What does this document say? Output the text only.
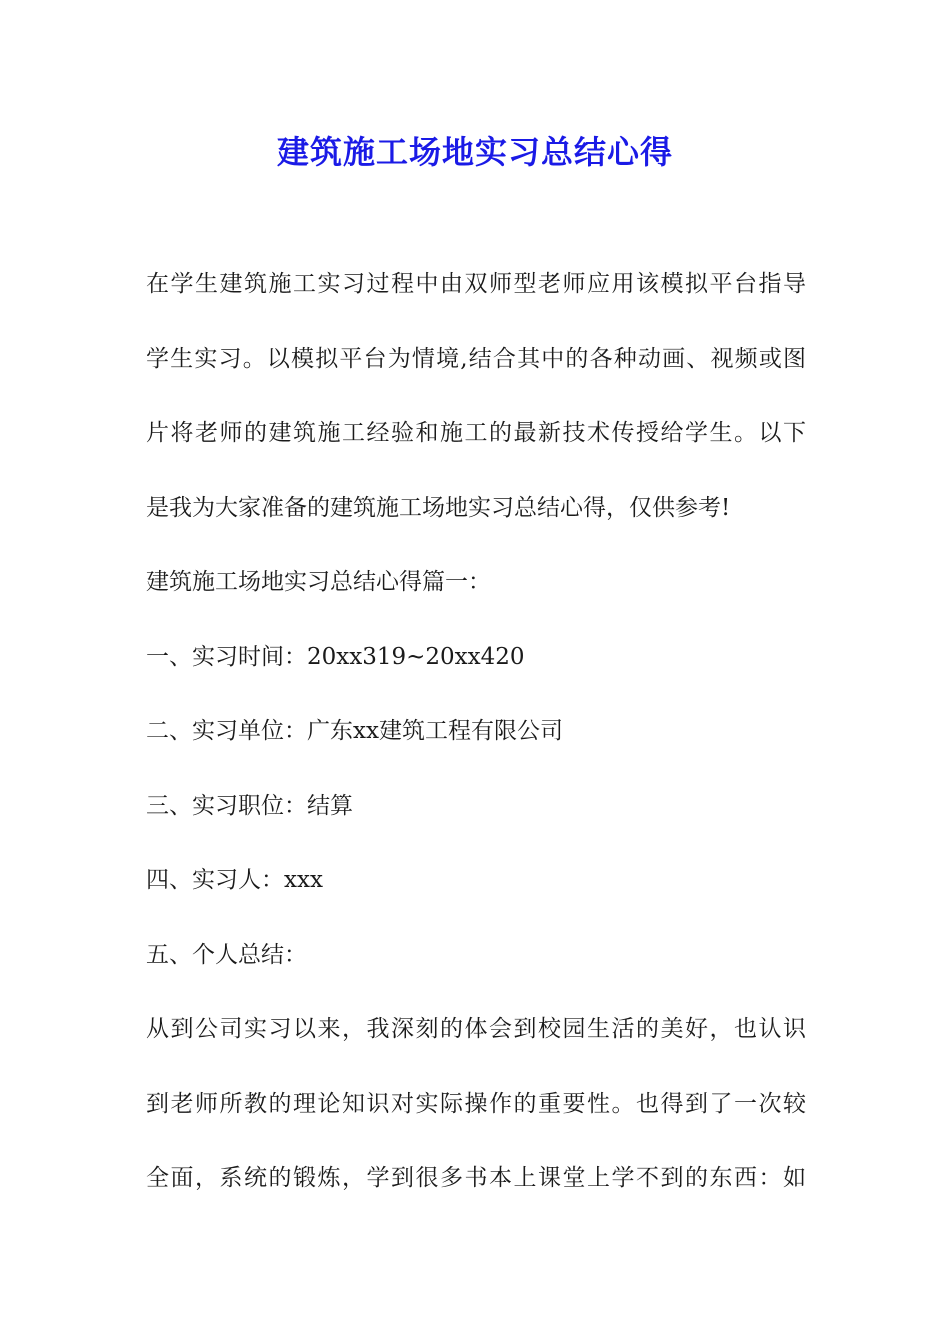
建筑施工场地实习总结心得
在学生建筑施工实习过程中由双师型老师应用该模拟平台指导
学生实习。以模拟平台为情境,结合其中的各种动画、视频或图
片将老师的建筑施工经验和施工的最新技术传授给学生。以下
是我为大家准备的建筑施工场地实习总结心得，仅供参考!
建筑施工场地实习总结心得篇一：
一、实习时间：20xx319~20xx420
二、实习单位：广东xx建筑工程有限公司
三、实习职位：结算
四、实习人：xxx
五、个人总结：
从到公司实习以来，我深刻的体会到校园生活的美好，也认识
到老师所教的理论知识对实际操作的重要性。也得到了一次较
全面，系统的锻炼，学到很多书本上课堂上学不到的东西：如
